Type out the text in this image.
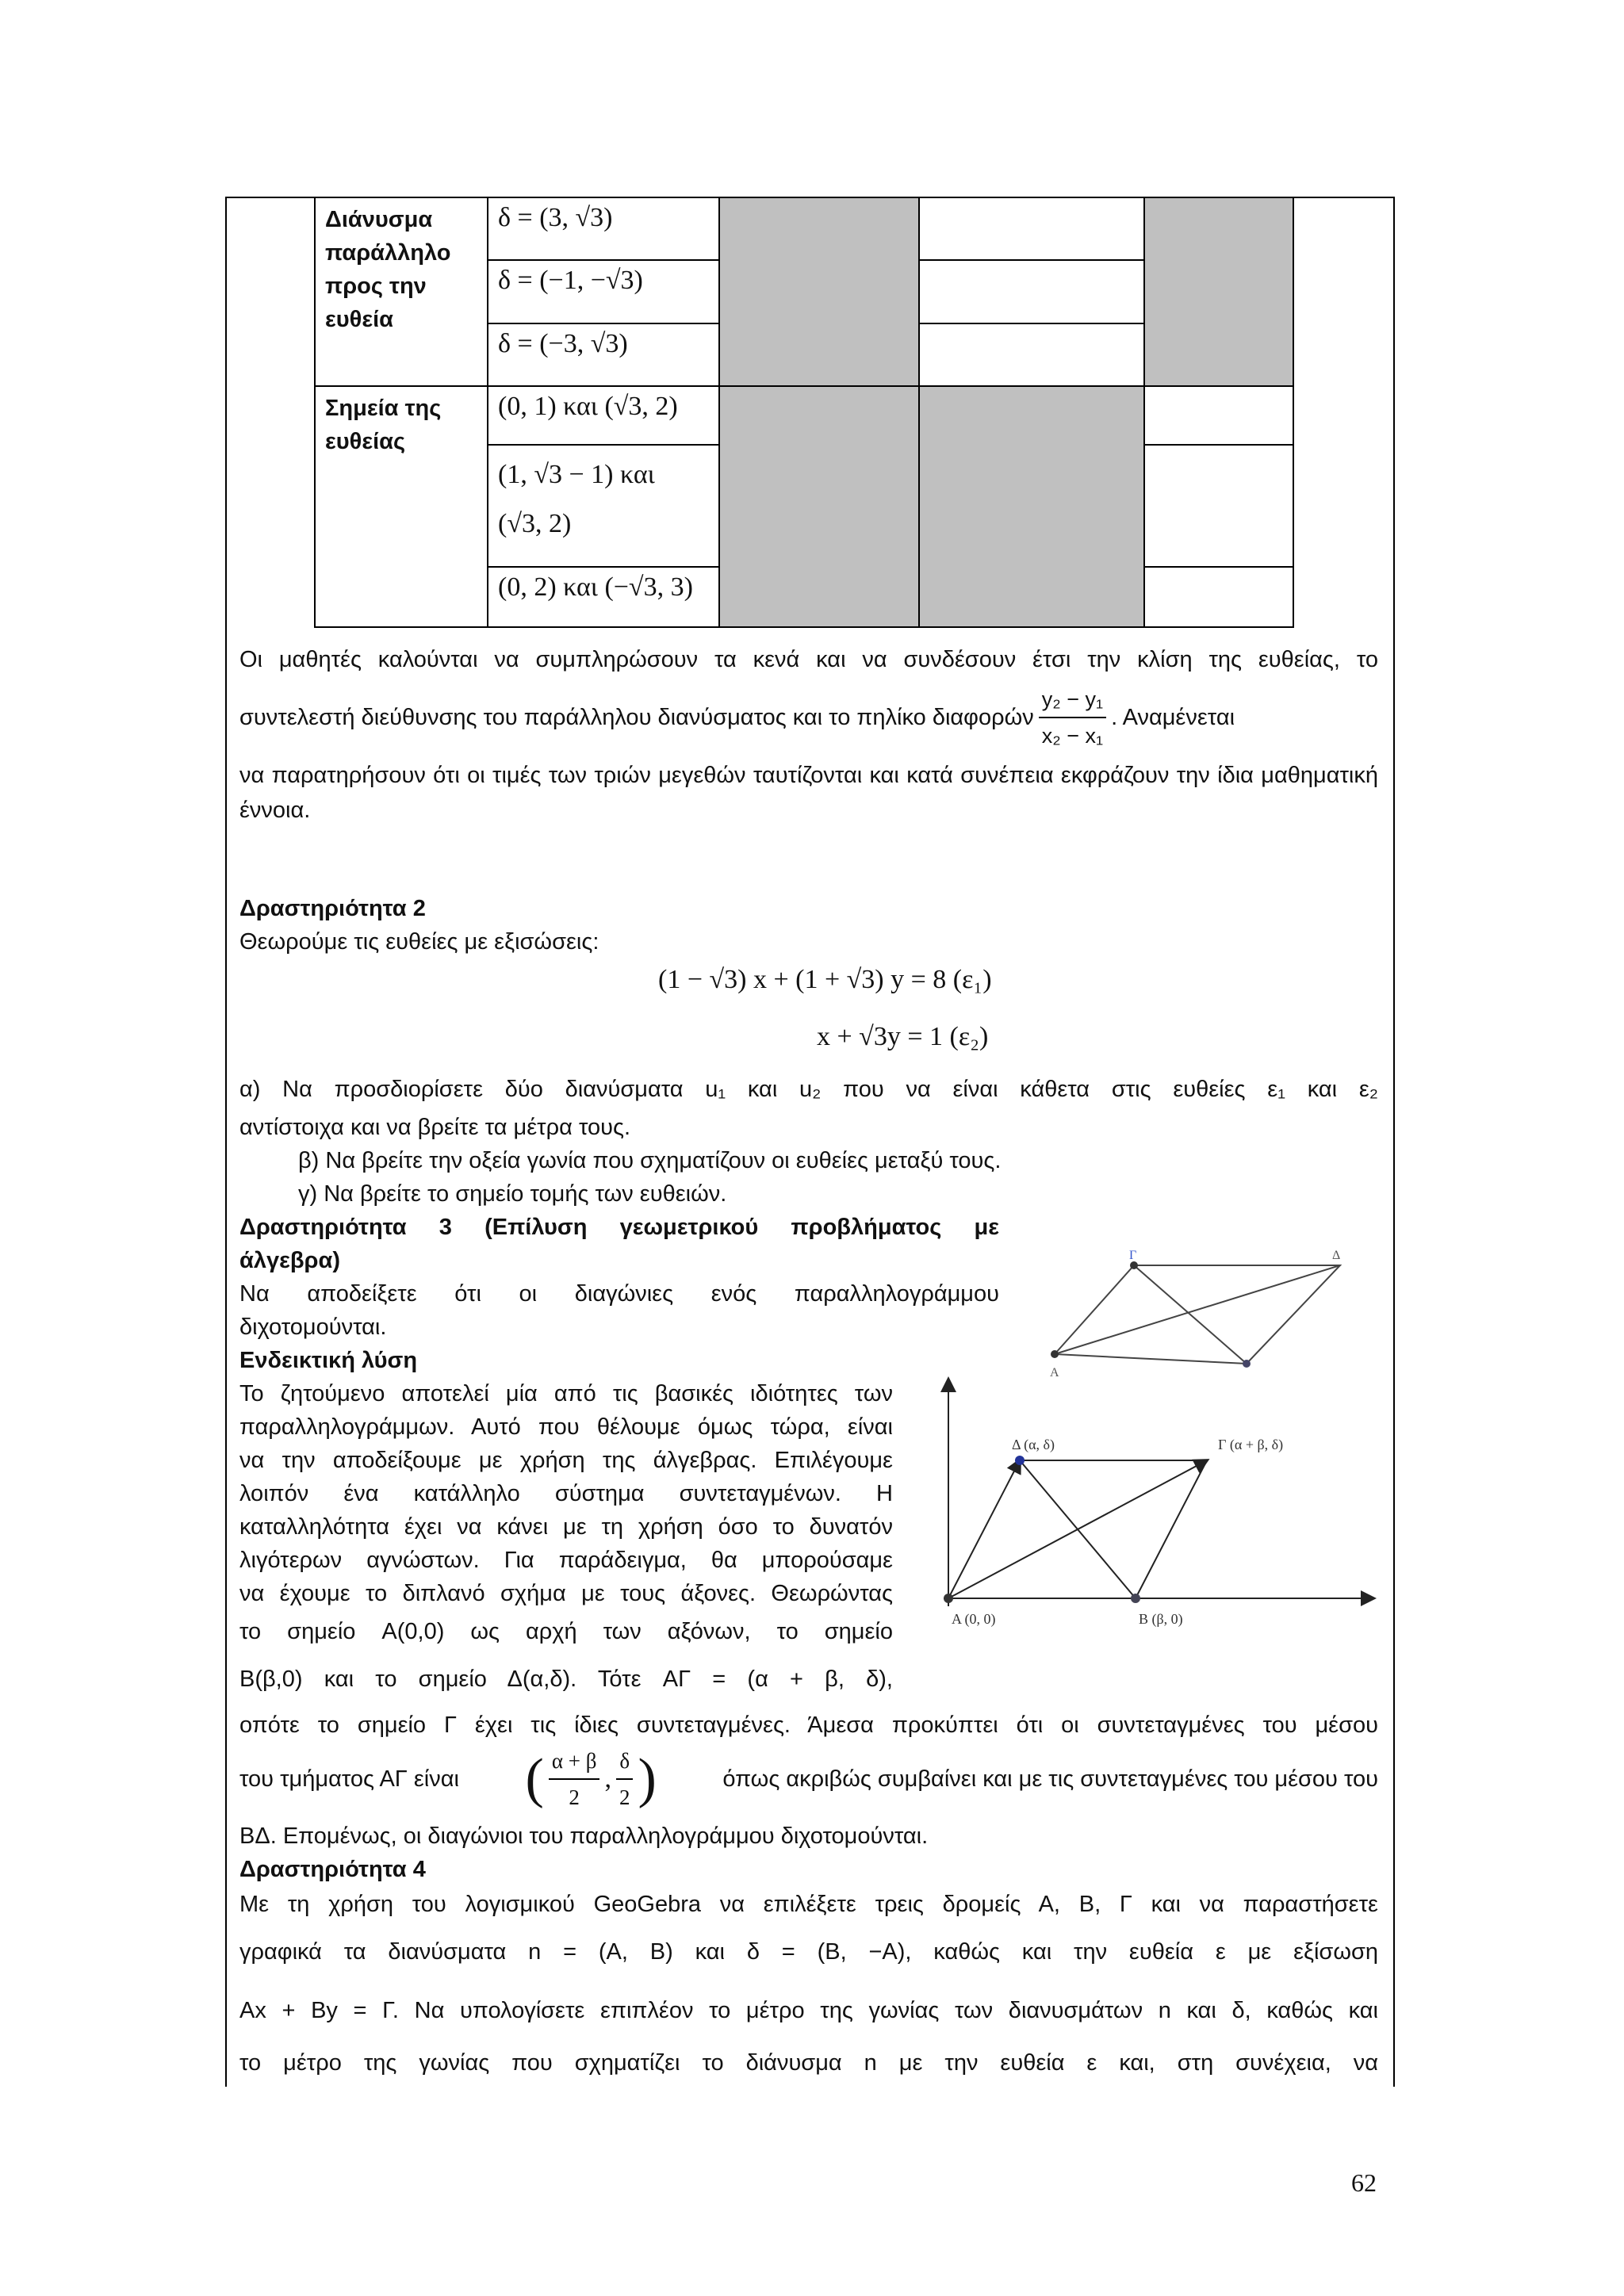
Διάνυσμα παράλληλο προς την ευθεία	δ = (3, √3)			
	δ = (−1, −√3)			
	δ = (−3, √3)			
Σημεία της ευθείας	(0, 1) και (√3, 2)			

	(1, √3 − 1) και
(√3, 2)			

	(0, 2) και (−√3, 3)			
Οι μαθητές καλούνται να συμπληρώσουν τα κενά και να συνδέσουν έτσι την κλίση της ευθείας, το
συντελεστή διεύθυνσης του παράλληλου διανύσματος και το πηλίκο διαφορών $\frac{\text{y₂ − y₁}}{\text{x₂ − x₁}}$ . Αναμένεται
να παρατηρήσουν ότι οι τιμές των τριών μεγεθών ταυτίζονται και κατά συνέπεια εκφράζουν την ίδια μαθηματική έννοια.
Δραστηριότητα 2
Θεωρούμε τις ευθείες με εξισώσεις:
(1 − √3) x + (1 + √3) y = 8 (ε₁)
x + √3y = 1 (ε₂)
α) Να προσδιορίσετε δύο διανύσματα u₁ και u₂ που να είναι κάθετα στις ευθείες ε₁ και ε₂
αντίστοιχα και να βρείτε τα μέτρα τους.
β) Να βρείτε την οξεία γωνία που σχηματίζουν οι ευθείες μεταξύ τους.
γ) Να βρείτε το σημείο τομής των ευθειών.
Δραστηριότητα 3 (Επίλυση γεωμετρικού προβλήματος με
άλγεβρα)
Να αποδείξετε ότι οι διαγώνιες ενός παραλληλογράμμου
διχοτομούνται.
Ενδεικτική λύση
Το ζητούμενο αποτελεί μία από τις βασικές ιδιότητες των
παραλληλογράμμων. Αυτό που θέλουμε όμως τώρα, είναι
να την αποδείξουμε με χρήση της άλγεβρας. Επιλέγουμε
λοιπόν ένα κατάλληλο σύστημα συντεταγμένων. Η
καταλληλότητα έχει να κάνει με τη χρήση όσο το δυνατόν
λιγότερων αγνώστων. Για παράδειγμα, θα μπορούσαμε
να έχουμε το διπλανό σχήμα με τους άξονες. Θεωρώντας
το σημείο A(0,0) ως αρχή των αξόνων, το σημείο
B(β,0) και το σημείο Δ(α,δ). Τότε AΓ = (α + β, δ),
οπότε το σημείο Γ έχει τις ίδιες συντεταγμένες. Άμεσα προκύπτει ότι οι συντεταγμένες του μέσου
του τμήματος ΑΓ είναι ( $\frac{\alpha + \beta}{2}$ , $\frac{\delta}{2}$ )	όπως ακριβώς συμβαίνει και με τις συντεταγμένες του μέσου του
ΒΔ. Επομένως, οι διαγώνιοι του παραλληλογράμμου διχοτομούνται.
Δραστηριότητα 4
Με τη χρήση του λογισμικού GeoGebra να επιλέξετε τρεις δρομείς Α, Β, Γ και να παραστήσετε
γραφικά τα διανύσματα n = (A, B) και δ = (B, −A), καθώς και την ευθεία ε με εξίσωση
Ax + By = Γ. Να υπολογίσετε επιπλέον το μέτρο της γωνίας των διανυσμάτων n και δ, καθώς και
το μέτρο της γωνίας που σχηματίζει το διάνυσμα n με την ευθεία ε και, στη συνέχεια, να
Α
Γ	Δ
Δ (α, δ)	Γ (α + β, δ)
A (0, 0)	B (β, 0)
62
